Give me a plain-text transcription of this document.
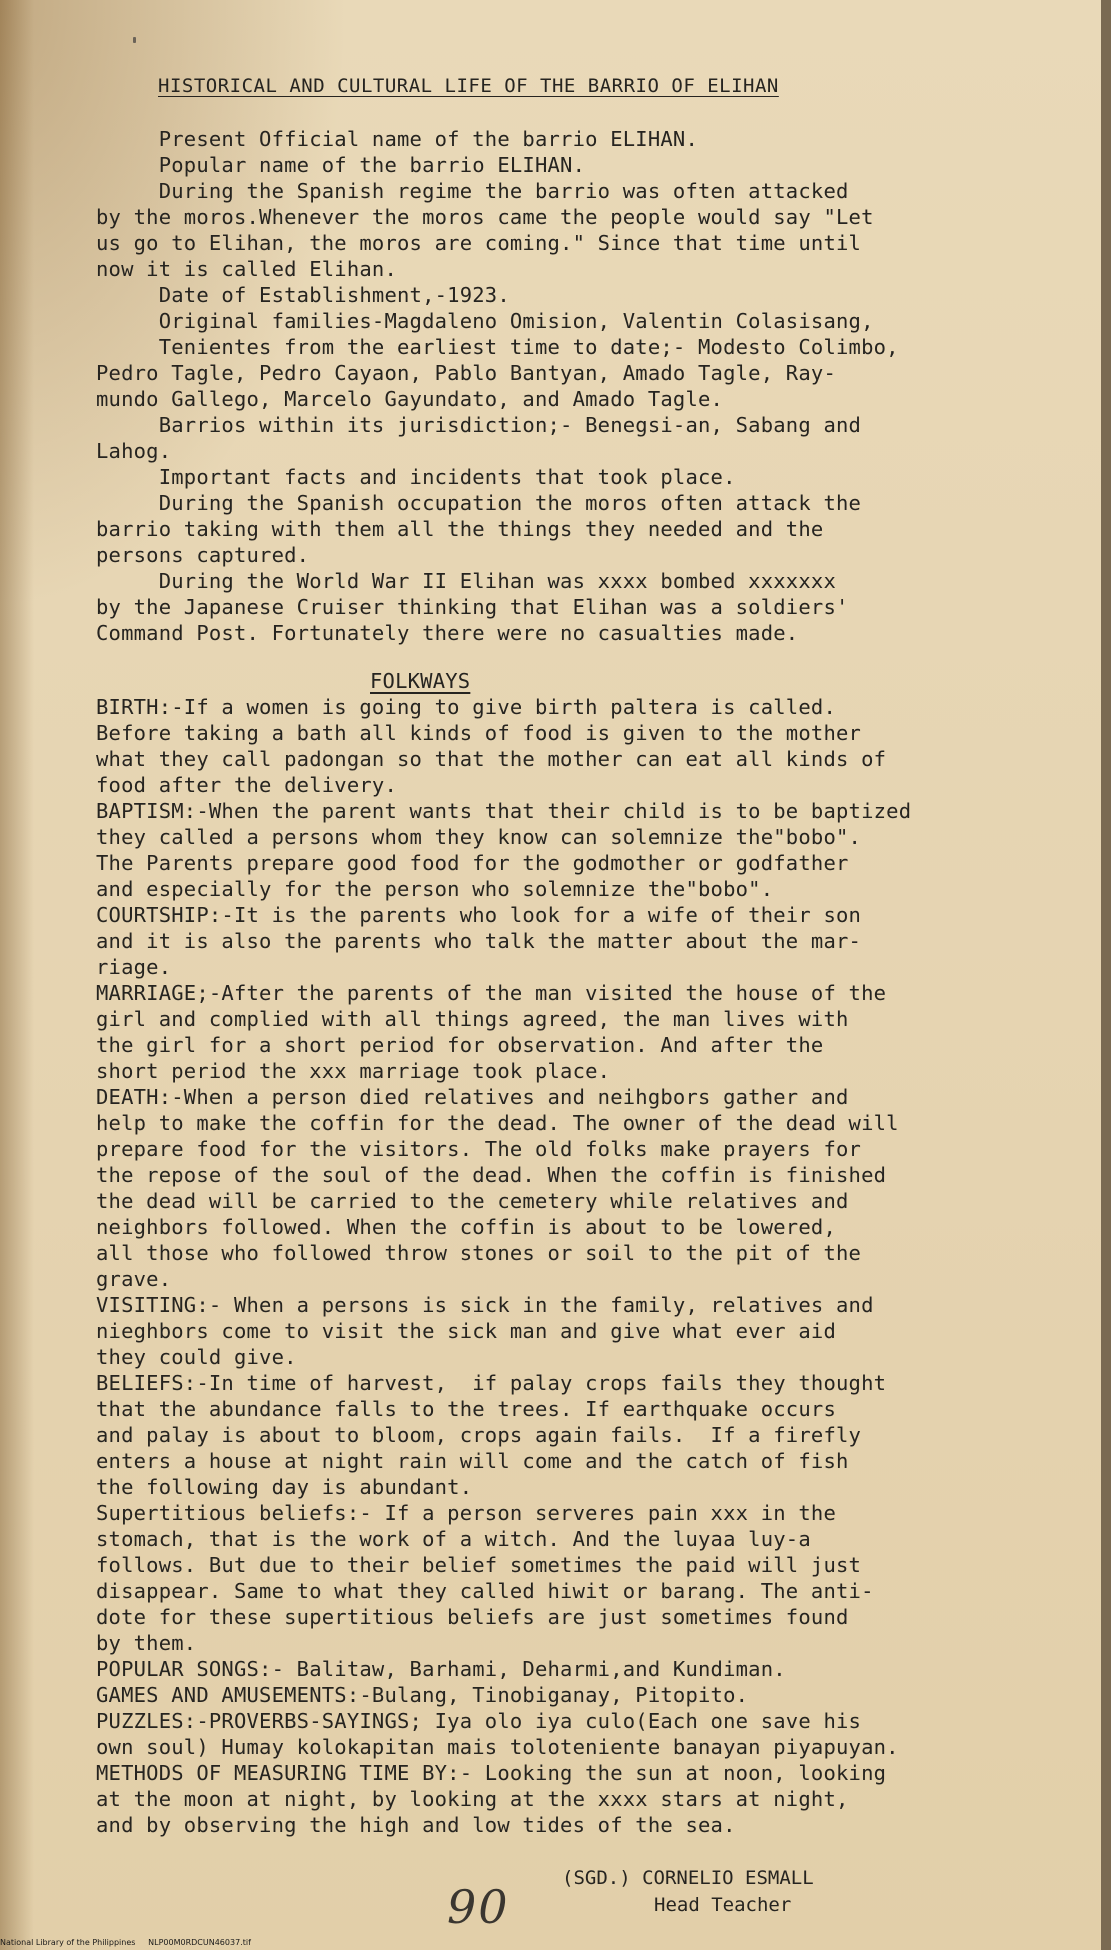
HISTORICAL AND CULTURAL LIFE OF THE BARRIO OF ELIHAN
Present Official name of the barrio ELIHAN.
Popular name of the barrio ELIHAN.
During the Spanish regime the barrio was often attacked
by the moros.Whenever the moros came the people would say "Let
us go to Elihan, the moros are coming." Since that time until
now it is called Elihan.
Date of Establishment,-1923.
Original families-Magdaleno Omision, Valentin Colasisang,
Tenientes from the earliest time to date;- Modesto Colimbo,
Pedro Tagle, Pedro Cayaon, Pablo Bantyan, Amado Tagle, Ray-
mundo Gallego, Marcelo Gayundato, and Amado Tagle.
Barrios within its jurisdiction;- Benegsi-an, Sabang and
Lahog.
Important facts and incidents that took place.
During the Spanish occupation the moros often attack the
barrio taking with them all the things they needed and the
persons captured.
During the World War II Elihan was xxxx bombed xxxxxxx
by the Japanese Cruiser thinking that Elihan was a soldiers'
Command Post. Fortunately there were no casualties made.
FOLKWAYS
BIRTH:-If a women is going to give birth paltera is called.
Before taking a bath all kinds of food is given to the mother
what they call padongan so that the mother can eat all kinds of
food after the delivery.
BAPTISM:-When the parent wants that their child is to be baptized
they called a persons whom they know can solemnize the"bobo".
The Parents prepare good food for the godmother or godfather
and especially for the person who solemnize the"bobo".
COURTSHIP:-It is the parents who look for a wife of their son
and it is also the parents who talk the matter about the mar-
riage.
MARRIAGE;-After the parents of the man visited the house of the
girl and complied with all things agreed, the man lives with
the girl for a short period for observation. And after the
short period the xxx marriage took place.
DEATH:-When a person died relatives and neihgbors gather and
help to make the coffin for the dead. The owner of the dead will
prepare food for the visitors. The old folks make prayers for
the repose of the soul of the dead. When the coffin is finished
the dead will be carried to the cemetery while relatives and
neighbors followed. When the coffin is about to be lowered,
all those who followed throw stones or soil to the pit of the
grave.
VISITING:- When a persons is sick in the family, relatives and
nieghbors come to visit the sick man and give what ever aid
they could give.
BELIEFS:-In time of harvest,  if palay crops fails they thought
that the abundance falls to the trees. If earthquake occurs
and palay is about to bloom, crops again fails.  If a firefly
enters a house at night rain will come and the catch of fish
the following day is abundant.
Supertitious beliefs:- If a person serveres pain xxx in the
stomach, that is the work of a witch. And the luyaa luy-a
follows. But due to their belief sometimes the paid will just
disappear. Same to what they called hiwit or barang. The anti-
dote for these supertitious beliefs are just sometimes found
by them.
POPULAR SONGS:- Balitaw, Barhami, Deharmi,and Kundiman.
GAMES AND AMUSEMENTS:-Bulang, Tinobiganay, Pitopito.
PUZZLES:-PROVERBS-SAYINGS; Iya olo iya culo(Each one save his
own soul) Humay kolokapitan mais toloteniente banayan piyapuyan.
METHODS OF MEASURING TIME BY:- Looking the sun at noon, looking
at the moon at night, by looking at the xxxx stars at night,
and by observing the high and low tides of the sea.
90
(SGD.) CORNELIO ESMALL
Head Teacher
National Library of the Philippines     NLP00M0RDCUN46037.tif
